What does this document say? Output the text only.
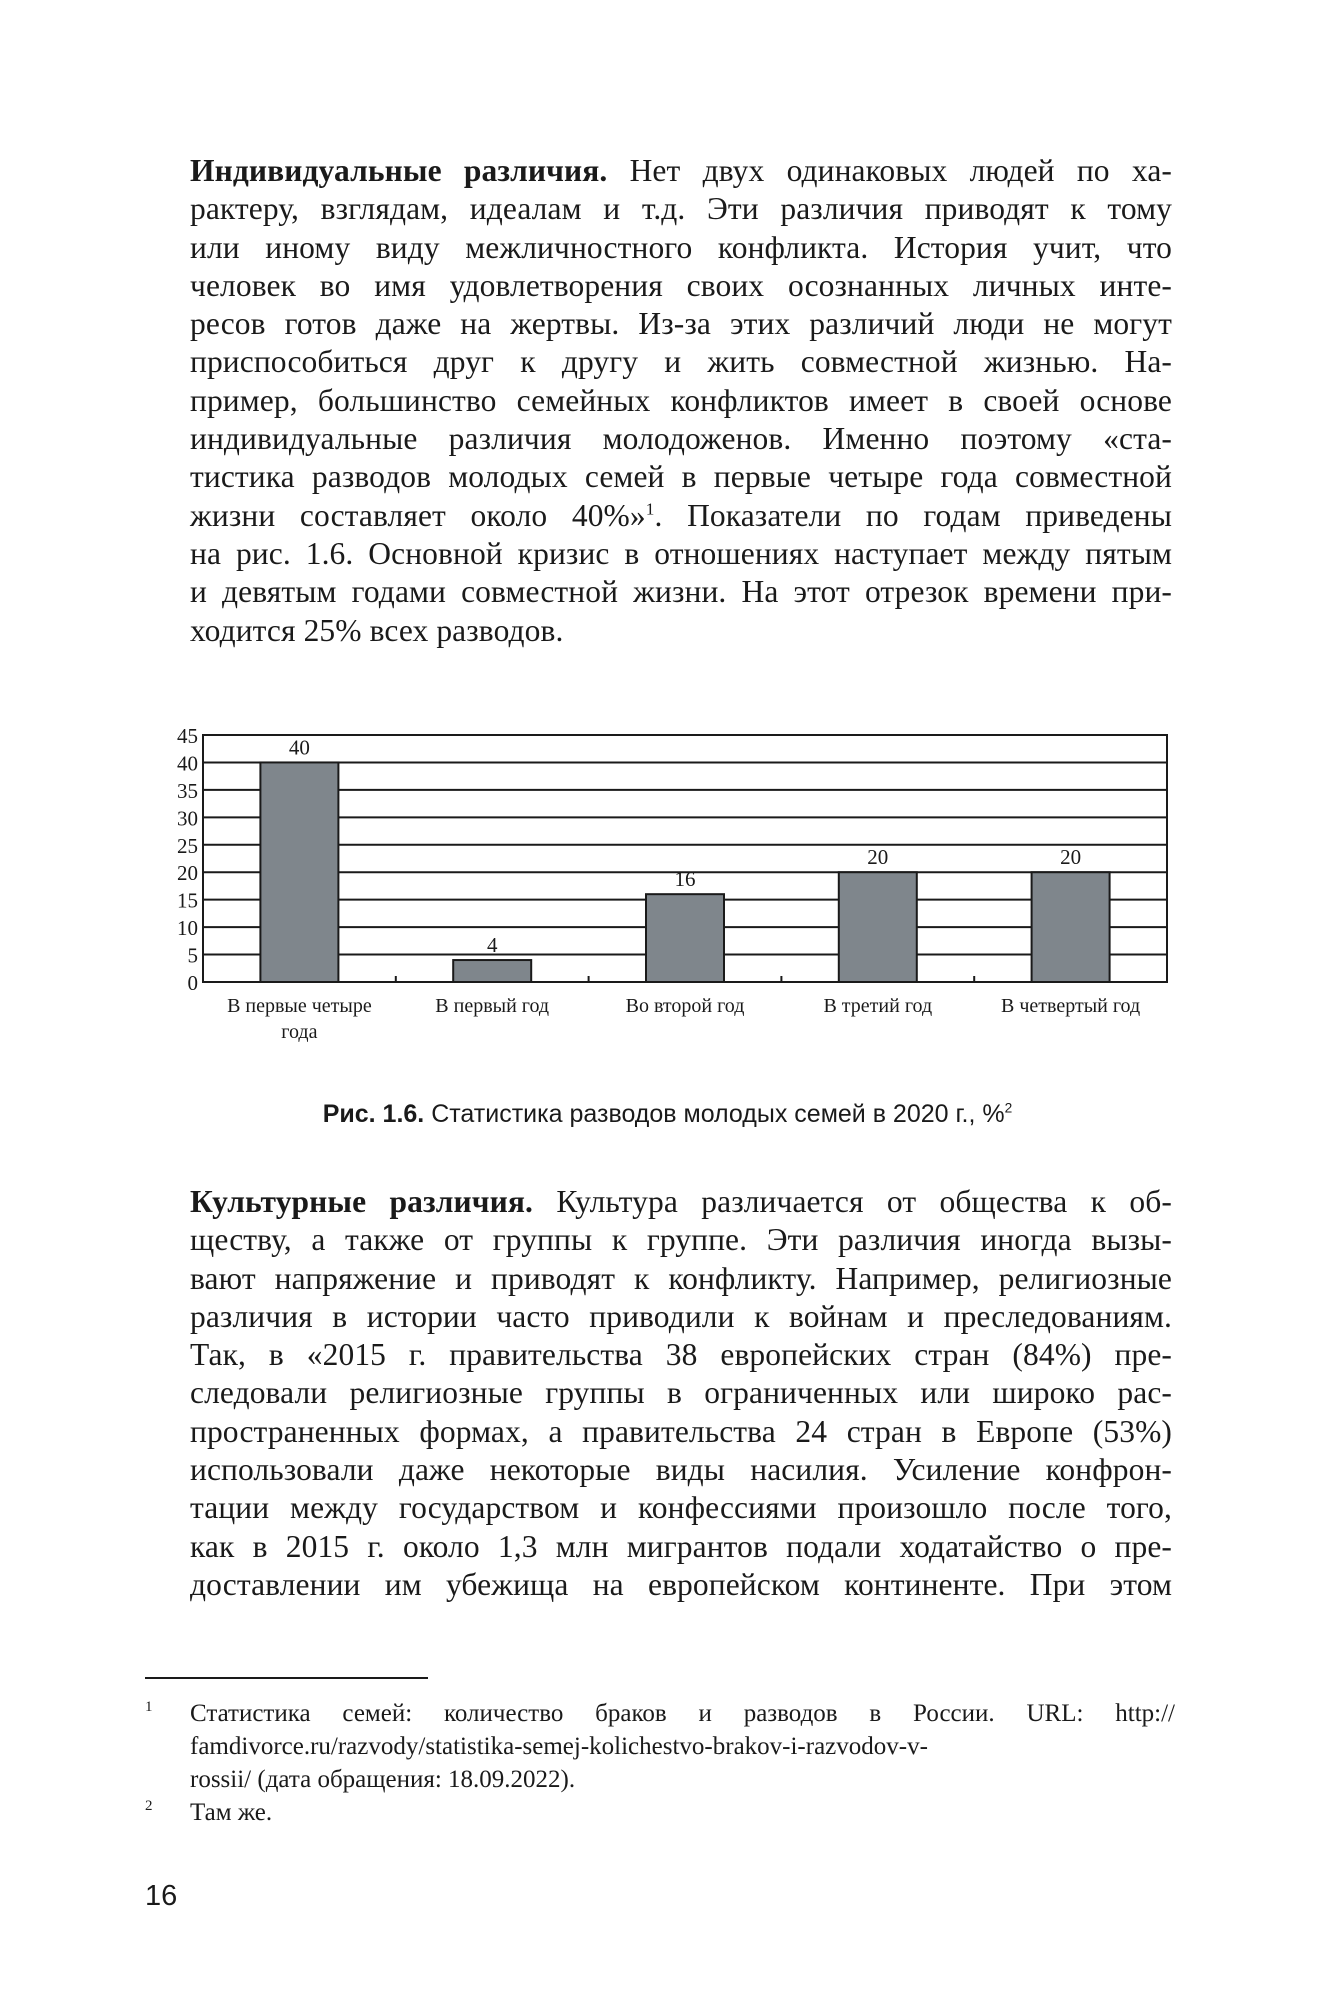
Индивидуальные различия. Нет двух одинаковых людей по ха-
рактеру, взглядам, идеалам и т.д. Эти различия приводят к тому
или иному виду межличностного конфликта. История учит, что
человек во имя удовлетворения своих осознанных личных инте-
ресов готов даже на жертвы. Из-за этих различий люди не могут
приспособиться друг к другу и жить совместной жизнью. На-
пример, большинство семейных конфликтов имеет в своей основе
индивидуальные различия молодоженов. Именно поэтому «ста-
тистика разводов молодых семей в первые четыре года совместной
жизни составляет около 40%»$^1$. Показатели по годам приведены
на рис. 1.6. Основной кризис в отношениях наступает между пятым
и девятым годами совместной жизни. На этот отрезок времени при-
ходится 25% всех разводов.
0
5
10
15
20
25
30
35
40
45	40
В первые четыре
года
4
В первый год
16
Во второй год
20
В третий год
20
В четвертый год
Рис. 1.6. Статистика разводов молодых семей в 2020 г., %$^2$
Культурные различия. Культура различается от общества к об-
ществу, а также от группы к группе. Эти различия иногда вызы-
вают напряжение и приводят к конфликту. Например, религиозные
различия в истории часто приводили к войнам и преследованиям.
Так, в «2015 г. правительства 38 европейских стран (84%) пре-
следовали религиозные группы в ограниченных или широко рас-
пространенных формах, а правительства 24 стран в Европе (53%)
использовали даже некоторые виды насилия. Усиление конфрон-
тации между государством и конфессиями произошло после того,
как в 2015 г. около 1,3 млн мигрантов подали ходатайство о пре-
доставлении им убежища на европейском континенте. При этом
1 Статистика семей: количество браков и разводов в России. URL: http://
famdivorce.ru/razvody/statistika-semej-kolichestvo-brakov-i-razvodov-v-
rossii/ (дата обращения: 18.09.2022).
2 Там же.
16
